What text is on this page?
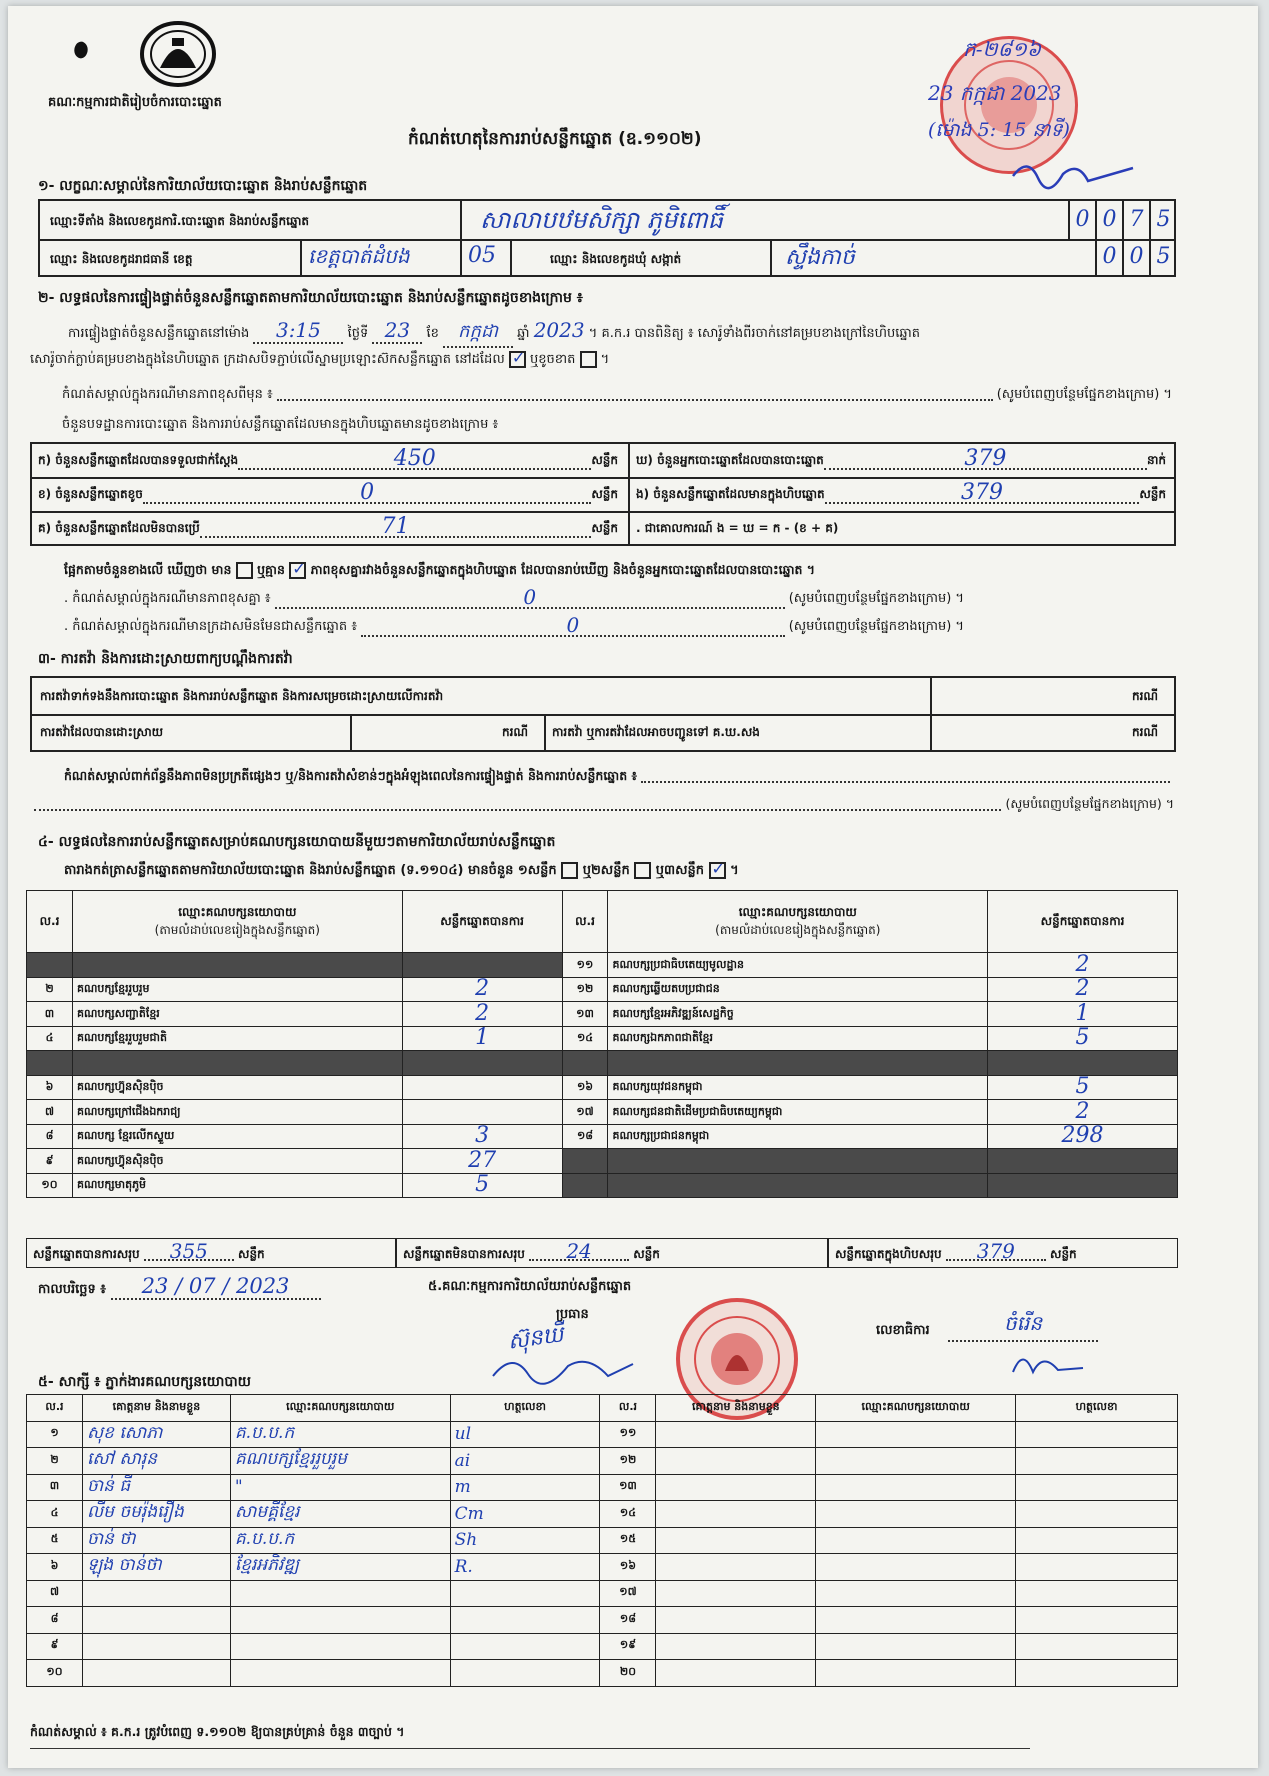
គណៈកម្មការជាតិរៀបចំការបោះឆ្នោត
កំណត់ហេតុនៃការរាប់សន្លឹកឆ្នោត (ឧ.១១០២)
ក-២៨១៦
23 កក្កដា 2023
(ម៉ោង 5: 15 នាទី)
១- លក្ខណៈសម្គាល់នៃការិយាល័យបោះឆ្នោត និងរាប់សន្លឹកឆ្នោត
ឈ្មោះទីតាំង និងលេខកូដការិ.បោះឆ្នោត និងរាប់សន្លឹកឆ្នោត	សាលាបឋមសិក្សា ភូមិពោធិ៍	0 0 7 5
ឈ្មោះ និងលេខកូដរាជធានី ខេត្ត	ខេត្តបាត់ដំបង	05	ឈ្មោះ និងលេខកូដឃុំ សង្កាត់	ស្ទឹងកាច់	0 0 5
២- លទ្ធផលនៃការផ្ទៀងផ្ទាត់ចំនួនសន្លឹកឆ្នោតតាមការិយាល័យបោះឆ្នោត និងរាប់សន្លឹកឆ្នោតដូចខាងក្រោម ៖
ការផ្ទៀងផ្ទាត់ចំនួនសន្លឹកឆ្នោតនៅម៉ោង 3:15 ថ្ងៃទី 23 ខែ កក្កដា ឆ្នាំ 2023 ។ គ.ក.រ បានពិនិត្យ ៖ សោរ៉ូទាំងពីរចាក់នៅគម្របខាងក្រៅនៃហិបឆ្នោត
សោរ៉ូចាក់ក្លាប់គម្របខាងក្នុងនៃហិបឆ្នោត ក្រដាសបិទភ្ជាប់លើស្នាមប្រឡោះស៊កសន្លឹកឆ្នោត នៅដដែល ✓ ឬខូចខាត  ។
កំណត់សម្គាល់ក្នុងករណីមានភាពខុសពីមុន ៖	(សូមបំពេញបន្ថែមផ្នែកខាងក្រោម) ។
ចំនួនបទដ្ឋានការបោះឆ្នោត និងការរាប់សន្លឹកឆ្នោតដែលមានក្នុងហិបឆ្នោតមានដូចខាងក្រោម ៖
ក) ចំនួនសន្លឹកឆ្នោតដែលបានទទួលជាក់ស្តែង	450	សន្លឹក ឃ) ចំនួនអ្នកបោះឆ្នោតដែលបានបោះឆ្នោត	379	នាក់
ខ) ចំនួនសន្លឹកឆ្នោតខូច	0	សន្លឹក ង) ចំនួនសន្លឹកឆ្នោតដែលមានក្នុងហិបឆ្នោត	379	សន្លឹក
គ) ចំនួនសន្លឹកឆ្នោតដែលមិនបានប្រើ	71	សន្លឹក . ជាគោលការណ៍ ង = ឃ = ក - (ខ + គ)
ផ្អែកតាមចំនួនខាងលើ ឃើញថា មាន ឬគ្មាន ✓ ភាពខុសគ្នារវាងចំនួនសន្លឹកឆ្នោតក្នុងហិបឆ្នោត ដែលបានរាប់ឃើញ និងចំនួនអ្នកបោះឆ្នោតដែលបានបោះឆ្នោត ។
. កំណត់សម្គាល់ក្នុងករណីមានភាពខុសគ្នា ៖	0	(សូមបំពេញបន្ថែមផ្នែកខាងក្រោម) ។
. កំណត់សម្គាល់ក្នុងករណីមានក្រដាសមិនមែនជាសន្លឹកឆ្នោត ៖	0	(សូមបំពេញបន្ថែមផ្នែកខាងក្រោម) ។
៣- ការតវ៉ា និងការដោះស្រាយពាក្យបណ្តឹងការតវ៉ា
ការតវ៉ាទាក់ទងនឹងការបោះឆ្នោត និងការរាប់សន្លឹកឆ្នោត និងការសម្រេចដោះស្រាយលើការតវ៉ា	ករណី
ការតវ៉ាដែលបានដោះស្រាយ	ករណី ការតវ៉ា ឬការតវ៉ាដែលអាចបញ្ជូនទៅ គ.ឃ.សង	ករណី
កំណត់សម្គាល់ពាក់ព័ន្ធនឹងភាពមិនប្រក្រតីផ្សេងៗ ឬ/និងការតវ៉ាសំខាន់ៗក្នុងអំឡុងពេលនៃការផ្ទៀងផ្ទាត់ និងការរាប់សន្លឹកឆ្នោត ៖
(សូមបំពេញបន្ថែមផ្នែកខាងក្រោម) ។
៤- លទ្ធផលនៃការរាប់សន្លឹកឆ្នោតសម្រាប់គណបក្សនយោបាយនីមួយៗតាមការិយាល័យរាប់សន្លឹកឆ្នោត
តារាងកត់ត្រាសន្លឹកឆ្នោតតាមការិយាល័យបោះឆ្នោត និងរាប់សន្លឹកឆ្នោត (ទ.១១០៤) មានចំនួន ១សន្លឹក ឬ២សន្លឹក ឬ៣សន្លឹក ✓ ។
ល.រ	ឈ្មោះគណបក្សនយោបាយ
(តាមលំដាប់លេខរៀងក្នុងសន្លឹកឆ្នោត)	សន្លឹកឆ្នោតបានការ	ល.រ	ឈ្មោះគណបក្សនយោបាយ
(តាមលំដាប់លេខរៀងក្នុងសន្លឹកឆ្នោត)	សន្លឹកឆ្នោតបានការ
			១១	គណបក្សប្រជាធិបតេយ្យមូលដ្ឋាន	2
២	គណបក្សខ្មែររួបរួម	2	១២	គណបក្សឆ្លើយតបប្រជាជន	2
៣	គណបក្សសញ្ជាតិខ្មែរ	2	១៣	គណបក្សខ្មែរអភិវឌ្ឍន៍សេដ្ឋកិច្ច	1
៤	គណបក្សខ្មែររួបរួមជាតិ	1	១៤	គណបក្សឯកភាពជាតិខ្មែរ	5

៦	គណបក្សហ្វ៊ុនស៊ិនប៉ិច		១៦	គណបក្សយុវជនកម្ពុជា	5
៧	គណបក្សក្រៅជើងឯករាជ្យ		១៧	គណបក្សជនជាតិដើមប្រជាធិបតេយ្យកម្ពុជា	2
៨	គណបក្ស ខ្មែរលើកស្ទួយ	3	១៨	គណបក្សប្រជាជនកម្ពុជា	298
៩	គណបក្សហ៊្វុនស៊ិនប៉ិច	27			
១០	គណបក្សមាតុភូមិ	5			
សន្លឹកឆ្នោតបានការសរុប 355	សន្លឹក	សន្លឹកឆ្នោតមិនបានការសរុប 24	សន្លឹក	សន្លឹកឆ្នោតក្នុងហិបសរុប 379	សន្លឹក
កាលបរិច្ឆេទ ៖ 23 / 07 / 2023	៥.គណៈកម្មការការិយាល័យរាប់សន្លឹកឆ្នោត
ប្រធាន
ស៊ុនឃី	លេខាធិការ	ចំរើន
៥- សាក្សី ៖ ភ្នាក់ងារគណបក្សនយោបាយ
ល.រ	គោត្តនាម និងនាមខ្លួន	ឈ្មោះគណបក្សនយោបាយ	ហត្ថលេខា	ល.រ	គោត្តនាម និងនាមខ្លួន	ឈ្មោះគណបក្សនយោបាយ	ហត្ថលេខា
១	សុខ សោភា	គ.ប.ប.ក	ul	១១			
២	សៅ សារុន	គណបក្សខ្មែររួបរួម	ai	១២			
៣	ចាន់ ធី	"	m	១៣			
៤	លីម ចមរ៉ុងរឿង	សាមគ្គីខ្មែរ	Cm	១៤			
៥	ចាន់ ថា	គ.ប.ប.ក	Sh	១៥			
៦	ឡុង ចាន់ថា	ខ្មែរអភិវឌ្ឍ	R.	១៦			
៧				១៧			
៨				១៨			
៩				១៩			
១០				២០			
កំណត់សម្គាល់ ៖ គ.ក.រ ត្រូវបំពេញ ទ.១១០២ ឱ្យបានគ្រប់គ្រាន់ ចំនួន ៣ច្បាប់ ។
